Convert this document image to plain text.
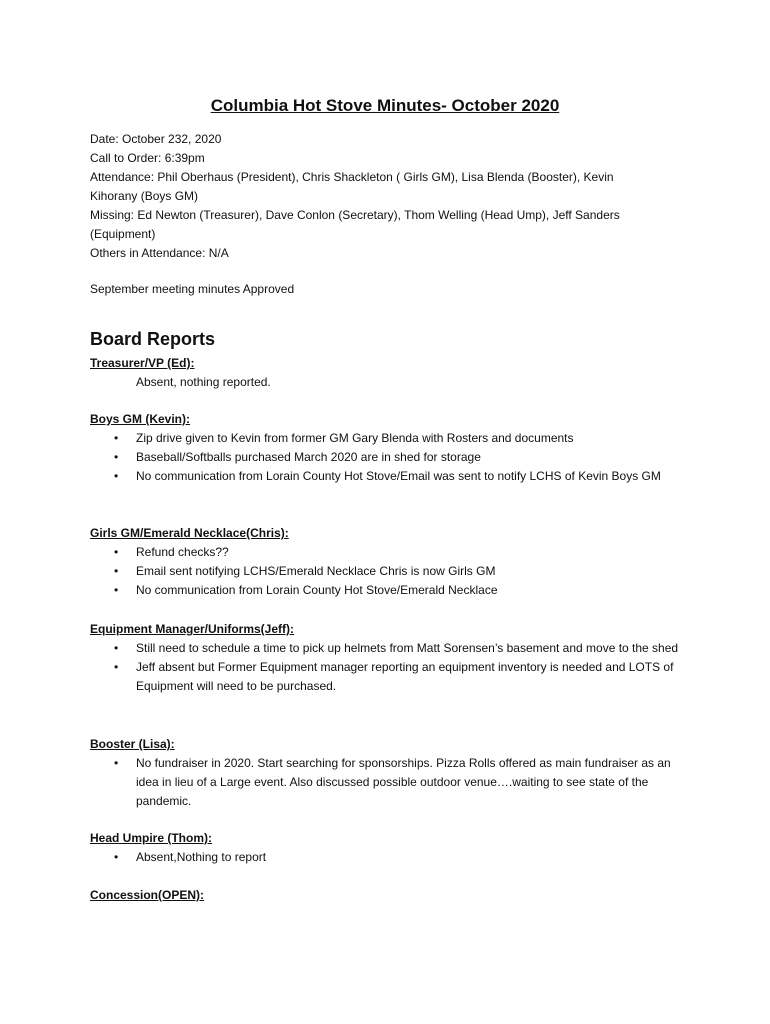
Columbia Hot Stove Minutes- October 2020
Date: October 232, 2020
Call to Order: 6:39pm
Attendance: Phil Oberhaus (President), Chris Shackleton ( Girls GM), Lisa Blenda (Booster), Kevin Kihorany (Boys GM)
Missing: Ed Newton (Treasurer), Dave Conlon (Secretary), Thom Welling (Head Ump), Jeff Sanders (Equipment)
Others in Attendance: N/A
September meeting minutes Approved
Board Reports
Treasurer/VP (Ed):
Absent, nothing reported.
Boys GM (Kevin):
• Zip drive given to Kevin from former GM Gary Blenda with Rosters and documents
• Baseball/Softballs purchased March 2020 are in shed for storage
• No communication from Lorain County Hot Stove/Email was sent to notify LCHS of Kevin Boys GM
Girls GM/Emerald Necklace(Chris):
• Refund checks??
• Email sent notifying LCHS/Emerald Necklace Chris is now Girls GM
• No communication from Lorain County Hot Stove/Emerald Necklace
Equipment Manager/Uniforms(Jeff):
• Still need to schedule a time to pick up helmets from Matt Sorensen’s basement and move to the shed
• Jeff absent but Former Equipment manager reporting an equipment inventory is needed and LOTS of Equipment will need to be purchased.
Booster (Lisa):
• No fundraiser in 2020. Start searching for sponsorships. Pizza Rolls offered as main fundraiser as an idea in lieu of a Large event. Also discussed possible outdoor venue….waiting to see state of the pandemic.
Head Umpire (Thom):
• Absent,Nothing to report
Concession(OPEN):
